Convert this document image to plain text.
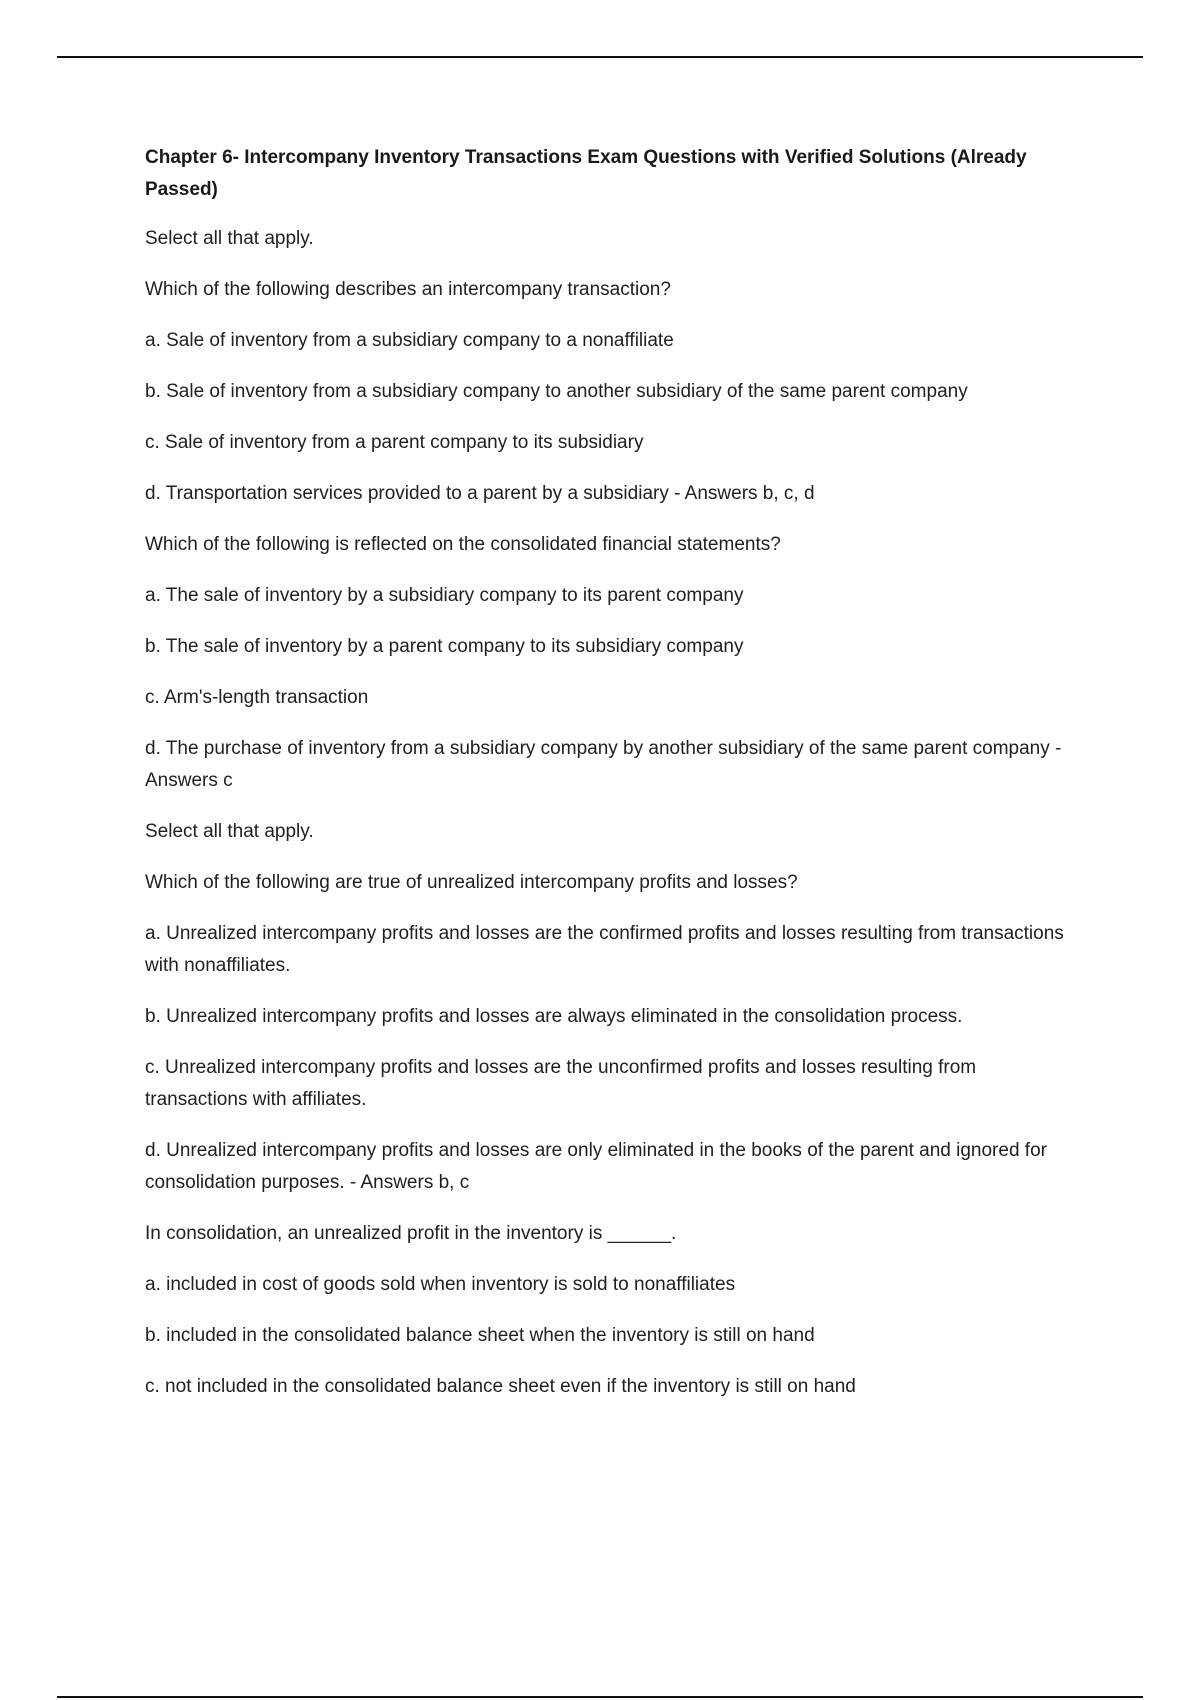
Chapter 6- Intercompany Inventory Transactions Exam Questions with Verified Solutions (Already Passed)
Select all that apply.
Which of the following describes an intercompany transaction?
a. Sale of inventory from a subsidiary company to a nonaffiliate
b. Sale of inventory from a subsidiary company to another subsidiary of the same parent company
c. Sale of inventory from a parent company to its subsidiary
d. Transportation services provided to a parent by a subsidiary - Answers b, c, d
Which of the following is reflected on the consolidated financial statements?
a. The sale of inventory by a subsidiary company to its parent company
b. The sale of inventory by a parent company to its subsidiary company
c. Arm's-length transaction
d. The purchase of inventory from a subsidiary company by another subsidiary of the same parent company - Answers c
Select all that apply.
Which of the following are true of unrealized intercompany profits and losses?
a. Unrealized intercompany profits and losses are the confirmed profits and losses resulting from transactions with nonaffiliates.
b. Unrealized intercompany profits and losses are always eliminated in the consolidation process.
c. Unrealized intercompany profits and losses are the unconfirmed profits and losses resulting from transactions with affiliates.
d. Unrealized intercompany profits and losses are only eliminated in the books of the parent and ignored for consolidation purposes. - Answers b, c
In consolidation, an unrealized profit in the inventory is ______.
a. included in cost of goods sold when inventory is sold to nonaffiliates
b. included in the consolidated balance sheet when the inventory is still on hand
c. not included in the consolidated balance sheet even if the inventory is still on hand
